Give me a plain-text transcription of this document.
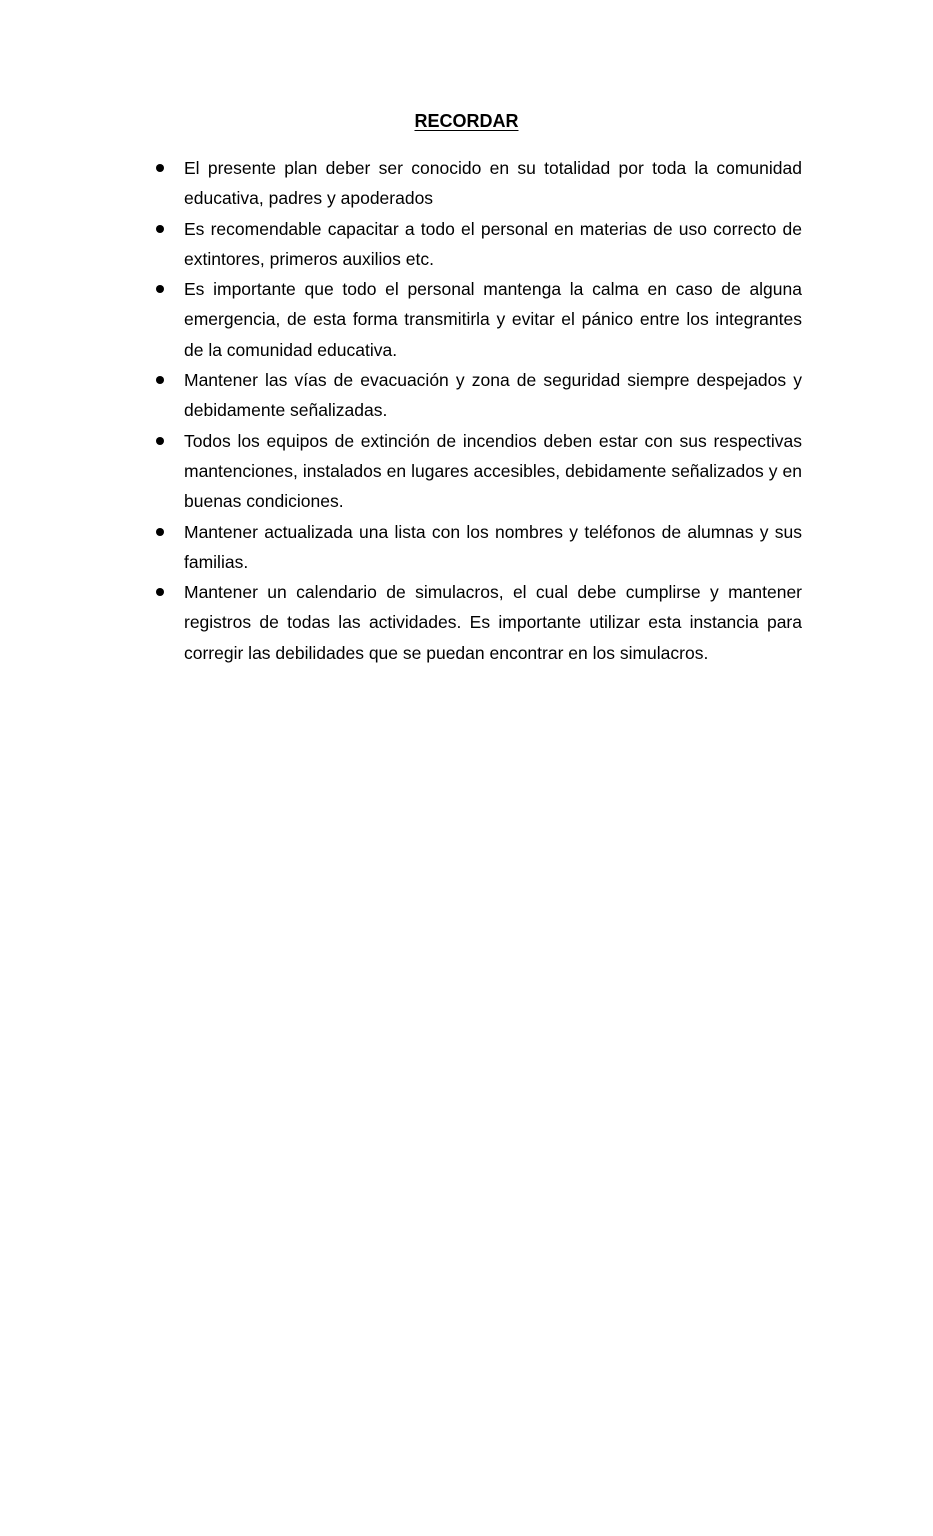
RECORDAR
El presente plan deber ser conocido en su totalidad por toda la comunidad educativa, padres y apoderados
Es recomendable capacitar a todo el personal en materias de uso correcto de extintores, primeros auxilios etc.
Es importante que todo el personal mantenga la calma en caso de alguna emergencia, de esta forma transmitirla y evitar el pánico entre los integrantes de la comunidad educativa.
Mantener las vías de evacuación y zona de seguridad siempre despejados y debidamente señalizadas.
Todos los equipos de extinción de incendios deben estar con sus respectivas mantenciones, instalados en lugares accesibles, debidamente señalizados y en buenas condiciones.
Mantener actualizada una lista con los nombres y teléfonos de alumnas y sus familias.
Mantener un calendario de simulacros, el cual debe cumplirse y mantener registros de todas las actividades. Es importante utilizar esta instancia para corregir las debilidades que se puedan encontrar en los simulacros.
